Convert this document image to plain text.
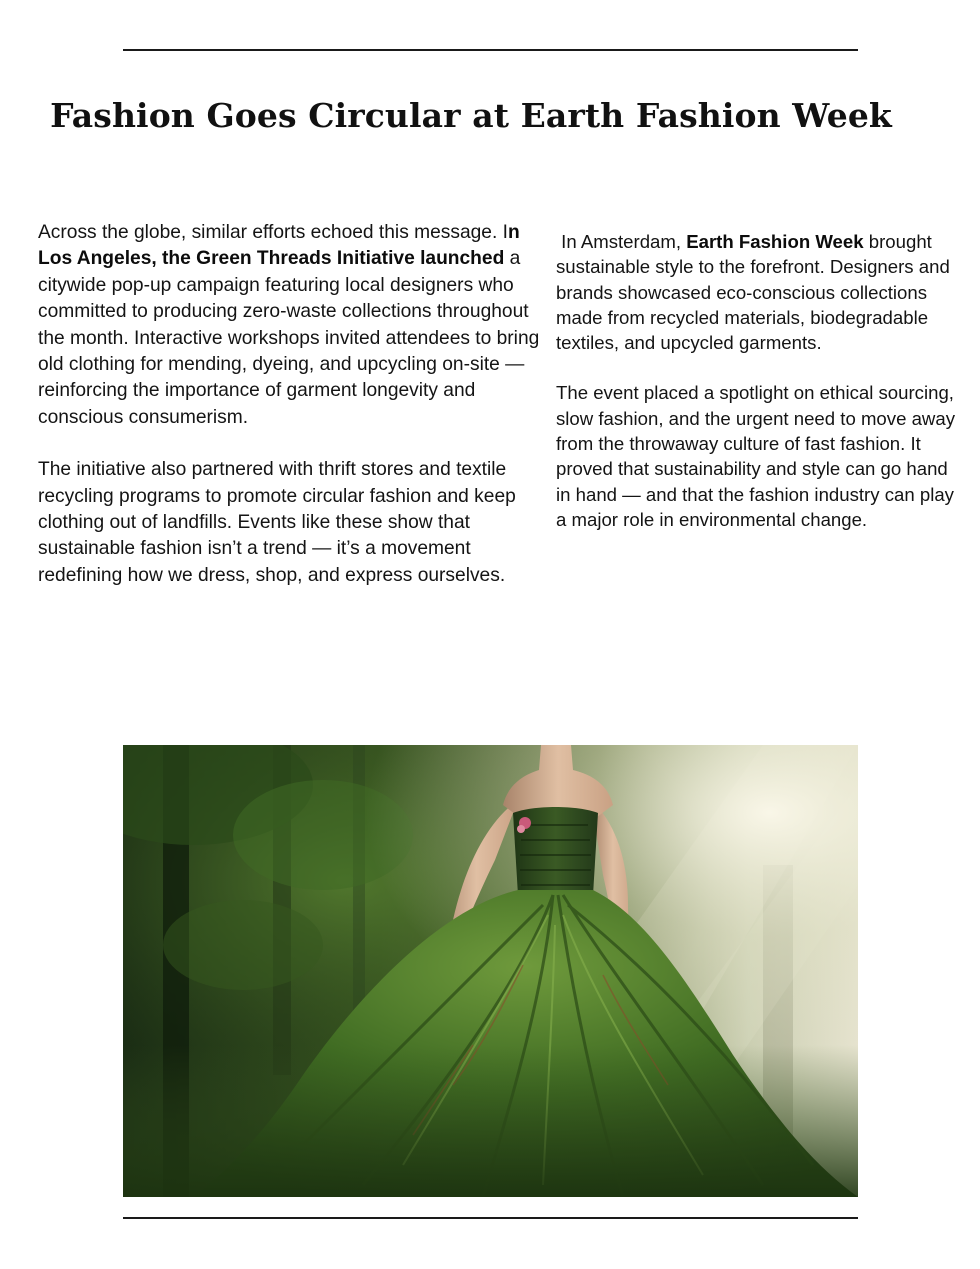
Fashion Goes Circular at Earth Fashion Week

Across the globe, similar efforts echoed this message. In Los Angeles, the Green Threads Initiative launched a citywide pop-up campaign featuring local designers who committed to producing zero-waste collections throughout the month. Interactive workshops invited attendees to bring old clothing for mending, dyeing, and upcycling on-site — reinforcing the importance of garment longevity and conscious consumerism.

The initiative also partnered with thrift stores and textile recycling programs to promote circular fashion and keep clothing out of landfills. Events like these show that sustainable fashion isn’t a trend — it’s a movement redefining how we dress, shop, and express ourselves.

In Amsterdam, Earth Fashion Week brought sustainable style to the forefront. Designers and brands showcased eco-conscious collections made from recycled materials, biodegradable textiles, and upcycled garments.

The event placed a spotlight on ethical sourcing, slow fashion, and the urgent need to move away from the throwaway culture of fast fashion. It proved that sustainability and style can go hand in hand — and that the fashion industry can play a major role in environmental change.
